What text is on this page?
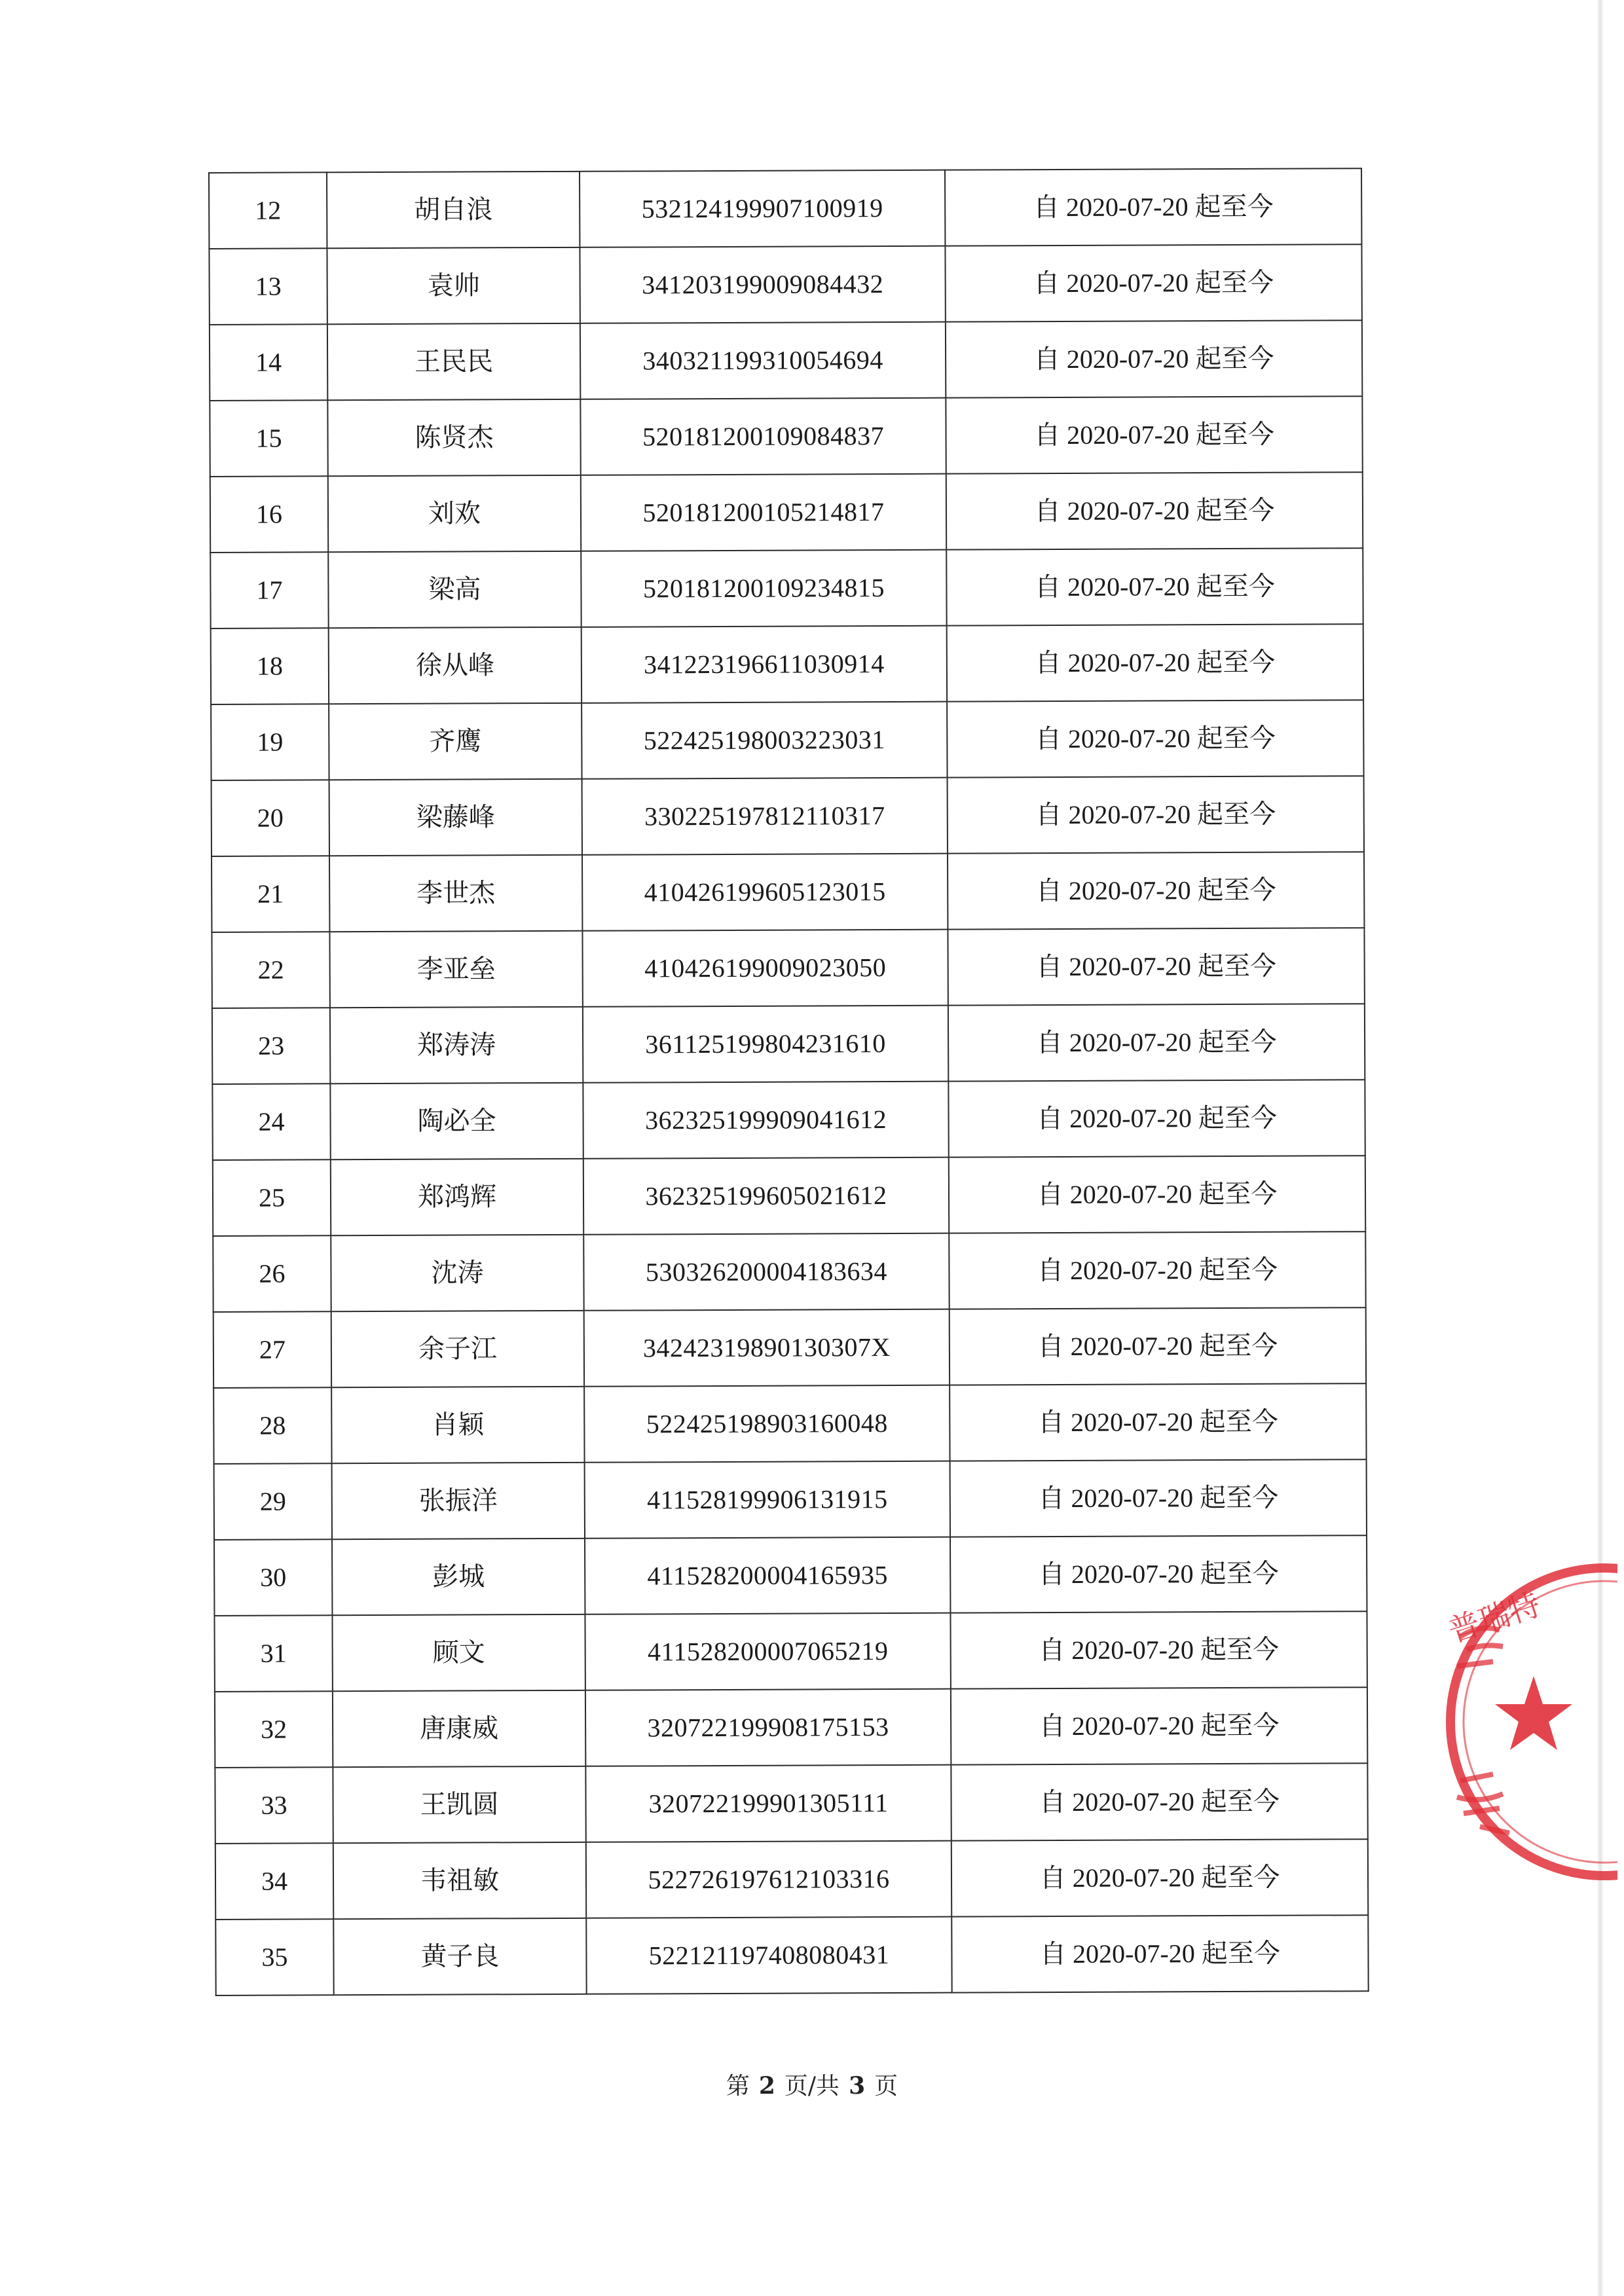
12	胡自浪	532124199907100919	自 2020-07-20 起至今
13	袁帅	341203199009084432	自 2020-07-20 起至今
14	王民民	340321199310054694	自 2020-07-20 起至今
15	陈贤杰	520181200109084837	自 2020-07-20 起至今
16	刘欢	520181200105214817	自 2020-07-20 起至今
17	梁高	520181200109234815	自 2020-07-20 起至今
18	徐从峰	341223196611030914	自 2020-07-20 起至今
19	齐鹰	522425198003223031	自 2020-07-20 起至今
20	梁藤峰	330225197812110317	自 2020-07-20 起至今
21	李世杰	410426199605123015	自 2020-07-20 起至今
22	李亚垒	410426199009023050	自 2020-07-20 起至今
23	郑涛涛	361125199804231610	自 2020-07-20 起至今
24	陶必全	362325199909041612	自 2020-07-20 起至今
25	郑鸿辉	362325199605021612	自 2020-07-20 起至今
26	沈涛	530326200004183634	自 2020-07-20 起至今
27	余子江	34242319890130307X	自 2020-07-20 起至今
28	肖颖	522425198903160048	自 2020-07-20 起至今
29	张振洋	411528199906131915	自 2020-07-20 起至今
30	彭城	411528200004165935	自 2020-07-20 起至今
31	顾文	411528200007065219	自 2020-07-20 起至今
32	唐康威	320722199908175153	自 2020-07-20 起至今
33	王凯圆	320722199901305111	自 2020-07-20 起至今
34	韦祖敏	522726197612103316	自 2020-07-20 起至今
35	黄子良	522121197408080431	自 2020-07-20 起至今
普瑞特
第 2 页/共 3 页
